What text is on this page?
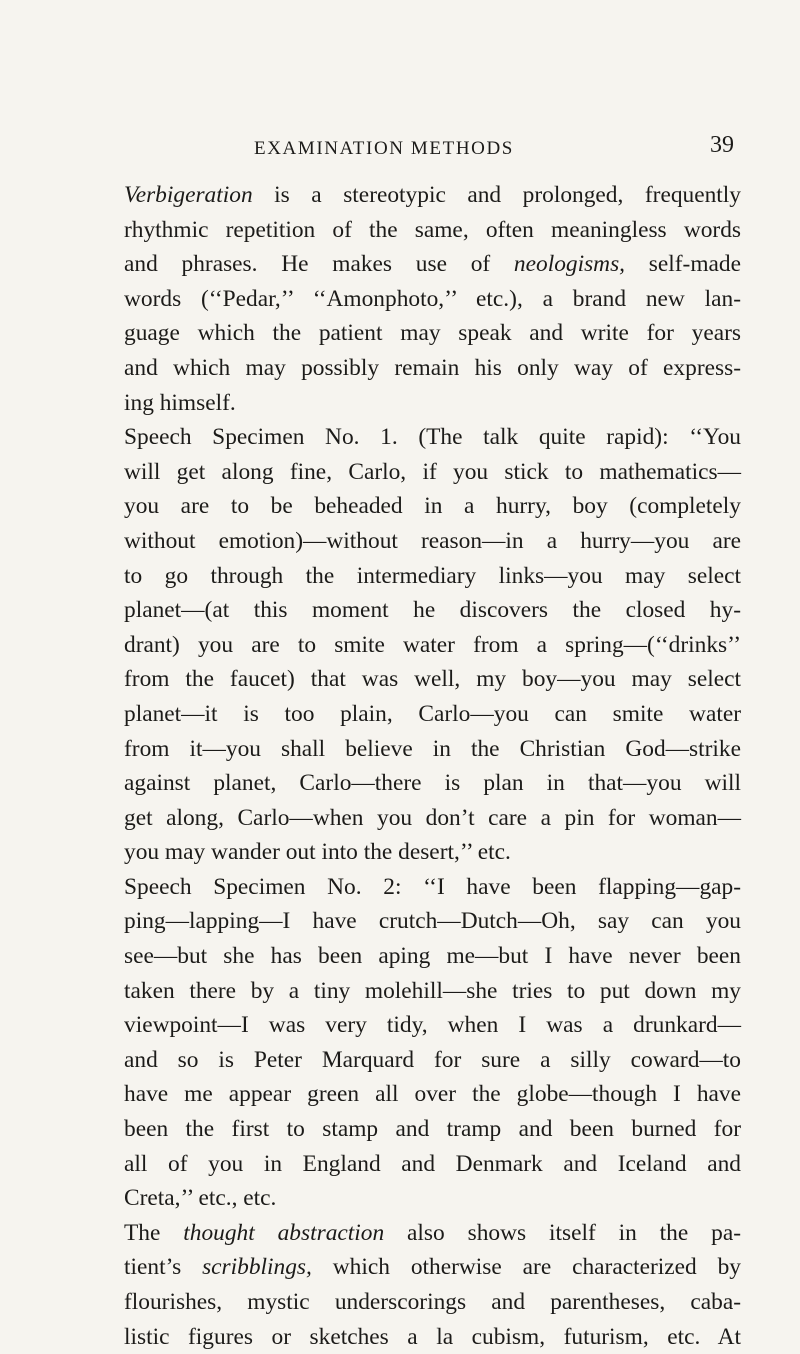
EXAMINATION METHODS	39
Verbigeration is a stereotypic and prolonged, frequently
rhythmic repetition of the same, often meaningless words
and phrases. He makes use of neologisms, self-made
words (‘‘Pedar,’’ ‘‘Amonphoto,’’ etc.), a brand new lan-
guage which the patient may speak and write for years
and which may possibly remain his only way of express-
ing himself.
Speech Specimen No. 1. (The talk quite rapid): ‘‘You
will get along fine, Carlo, if you stick to mathematics—
you are to be beheaded in a hurry, boy (completely
without emotion)—without reason—in a hurry—you are
to go through the intermediary links—you may select
planet—(at this moment he discovers the closed hy-
drant) you are to smite water from a spring—(‘‘drinks’’
from the faucet) that was well, my boy—you may select
planet—it is too plain, Carlo—you can smite water
from it—you shall believe in the Christian God—strike
against planet, Carlo—there is plan in that—you will
get along, Carlo—when you don’t care a pin for woman—
you may wander out into the desert,’’ etc.
Speech Specimen No. 2: ‘‘I have been flapping—gap-
ping—lapping—I have crutch—Dutch—Oh, say can you
see—but she has been aping me—but I have never been
taken there by a tiny molehill—she tries to put down my
viewpoint—I was very tidy, when I was a drunkard—
and so is Peter Marquard for sure a silly coward—to
have me appear green all over the globe—though I have
been the first to stamp and tramp and been burned for
all of you in England and Denmark and Iceland and
Creta,’’ etc., etc.
The thought abstraction also shows itself in the pa-
tient’s scribblings, which otherwise are characterized by
flourishes, mystic underscorings and parentheses, caba-
listic figures or sketches a la cubism, futurism, etc. At
